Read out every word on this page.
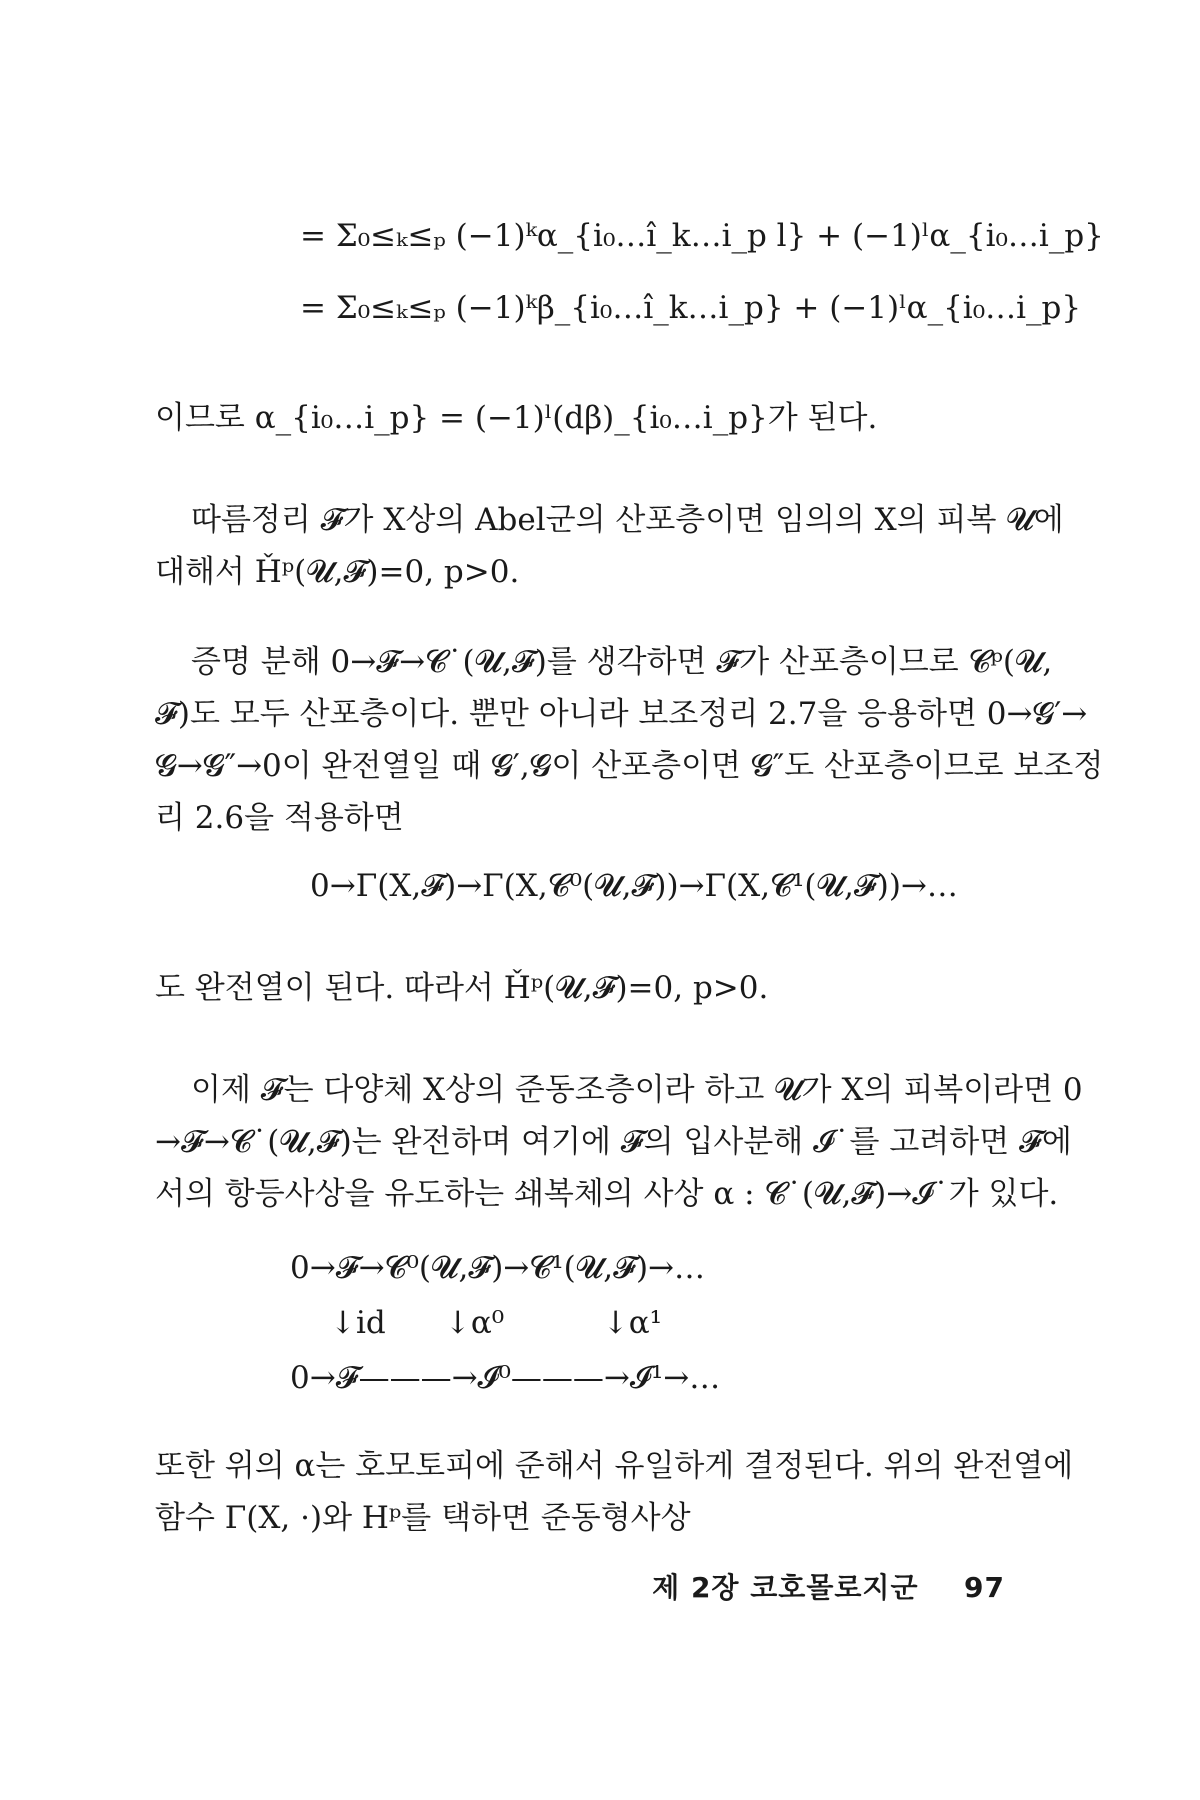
= Σ₀≤ₖ≤ₚ (−1)ᵏα_{i₀…î_k…i_p l} + (−1)ˡα_{i₀…i_p}
= Σ₀≤ₖ≤ₚ (−1)ᵏβ_{i₀…î_k…i_p} + (−1)ˡα_{i₀…i_p}
이므로 α_{i₀…i_p} = (−1)ˡ(dβ)_{i₀…i_p}가 된다.
따름정리 𝓕가 X상의 Abel군의 산포층이면 임의의 X의 피복 𝓤에
대해서 Ȟᵖ(𝓤,𝓕)=0, p>0.
증명 분해 0→𝓕→𝓒˙(𝓤,𝓕)를 생각하면 𝓕가 산포층이므로 𝓒ᵖ(𝓤,
𝓕)도 모두 산포층이다. 뿐만 아니라 보조정리 2.7을 응용하면 0→𝓖′→
𝓖→𝓖″→0이 완전열일 때 𝓖′,𝓖이 산포층이면 𝓖″도 산포층이므로 보조정
리 2.6을 적용하면
0→Γ(X,𝓕)→Γ(X,𝓒⁰(𝓤,𝓕))→Γ(X,𝓒¹(𝓤,𝓕))→…
도 완전열이 된다. 따라서 Ȟᵖ(𝓤,𝓕)=0, p>0.
이제 𝓕는 다양체 X상의 준동조층이라 하고 𝓤가 X의 피복이라면 0
→𝓕→𝓒˙(𝓤,𝓕)는 완전하며 여기에 𝓕의 입사분해 𝓘˙를 고려하면 𝓕에
서의 항등사상을 유도하는 쇄복체의 사상 α : 𝓒˙(𝓤,𝓕)→𝓘˙가 있다.
0→𝓕→𝓒⁰(𝓤,𝓕)→𝓒¹(𝓤,𝓕)→…
↓id      ↓α⁰          ↓α¹
0→𝓕———→𝓘⁰———→𝓘¹→…
또한 위의 α는 호모토피에 준해서 유일하게 결정된다. 위의 완전열에
함수 Γ(X, ·)와 Hᵖ를 택하면 준동형사상
제 2장 코호몰로지군 97
